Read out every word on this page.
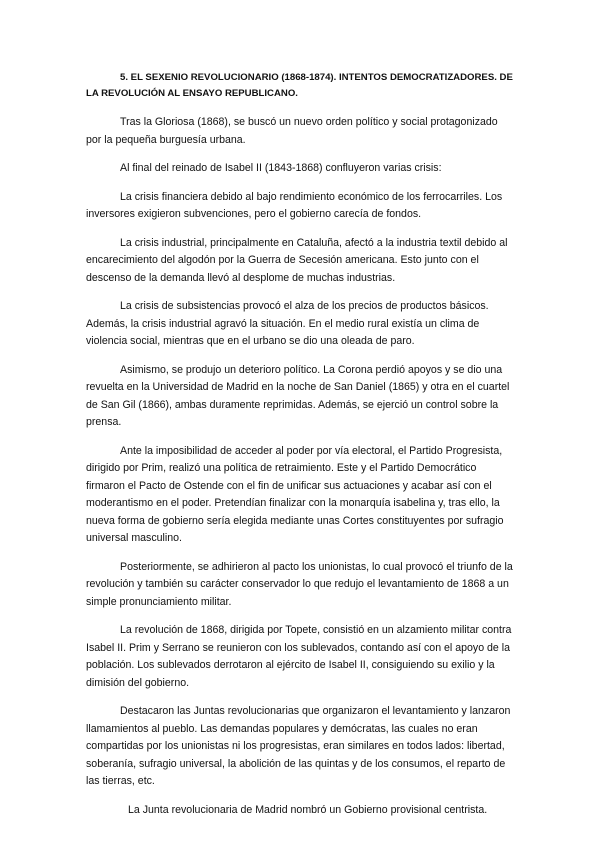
5. EL SEXENIO REVOLUCIONARIO (1868-1874). INTENTOS DEMOCRATIZADORES. DE LA REVOLUCIÓN AL ENSAYO REPUBLICANO.

Tras la Gloriosa (1868), se buscó un nuevo orden político y social protagonizado por la pequeña burguesía urbana.

Al final del reinado de Isabel II (1843-1868) confluyeron varias crisis:

La crisis financiera debido al bajo rendimiento económico de los ferrocarriles. Los inversores exigieron subvenciones, pero el gobierno carecía de fondos.

La crisis industrial, principalmente en Cataluña, afectó a la industria textil debido al encarecimiento del algodón por la Guerra de Secesión americana. Esto junto con el descenso de la demanda llevó al desplome de muchas industrias.

La crisis de subsistencias provocó el alza de los precios de productos básicos. Además, la crisis industrial agravó la situación. En el medio rural existía un clima de violencia social, mientras que en el urbano se dio una oleada de paro.

Asimismo, se produjo un deterioro político. La Corona perdió apoyos y se dio una revuelta en la Universidad de Madrid en la noche de San Daniel (1865) y otra en el cuartel de San Gil (1866), ambas duramente reprimidas. Además, se ejerció un control sobre la prensa.

Ante la imposibilidad de acceder al poder por vía electoral, el Partido Progresista, dirigido por Prim, realizó una política de retraimiento. Este y el Partido Democrático firmaron el Pacto de Ostende con el fin de unificar sus actuaciones y acabar así con el moderantismo en el poder. Pretendían finalizar con la monarquía isabelina y, tras ello, la nueva forma de gobierno sería elegida mediante unas Cortes constituyentes por sufragio universal masculino.

Posteriormente, se adhirieron al pacto los unionistas, lo cual provocó el triunfo de la revolución y también su carácter conservador lo que redujo el levantamiento de 1868 a un simple pronunciamiento militar.

La revolución de 1868, dirigida por Topete, consistió en un alzamiento militar contra Isabel II. Prim y Serrano se reunieron con los sublevados, contando así con el apoyo de la población. Los sublevados derrotaron al ejército de Isabel II, consiguiendo su exilio y la dimisión del gobierno.

Destacaron las Juntas revolucionarias que organizaron el levantamiento y lanzaron llamamientos al pueblo. Las demandas populares y demócratas, las cuales no eran compartidas por los unionistas ni los progresistas, eran similares en todos lados: libertad, soberanía, sufragio universal, la abolición de las quintas y de los consumos, el reparto de las tierras, etc.

La Junta revolucionaria de Madrid nombró un Gobierno provisional centrista.
